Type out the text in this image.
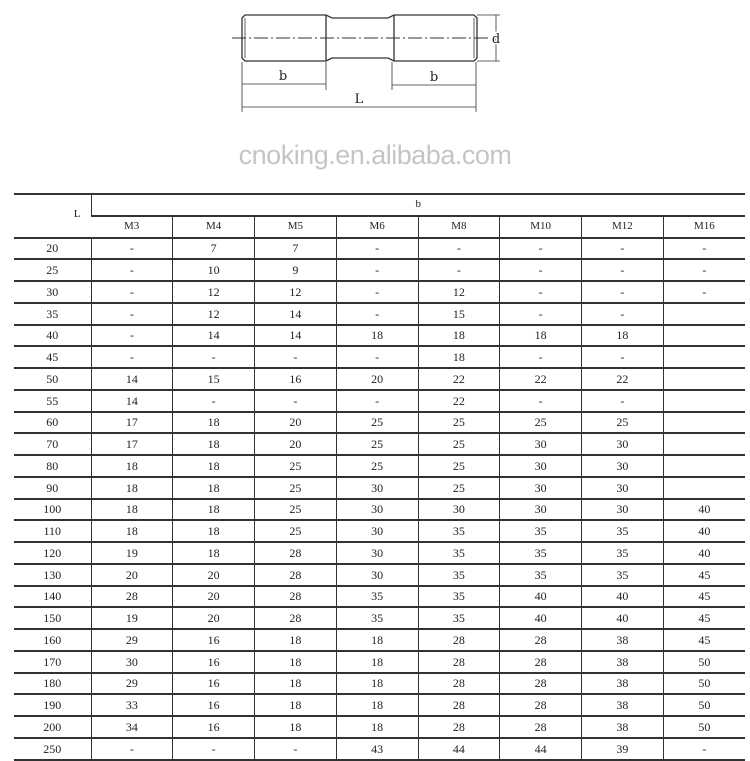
b	b
L
d
cnoking.en.alibaba.com
L	b							
	M3	M4	M5	M6	M8	M10	M12	M16
20	-	7	7	-	-	-	-	-
25	-	10	9	-	-	-	-	-
30	-	12	12	-	12	-	-	-
35	-	12	14	-	15	-	-	
40	-	14	14	18	18	18	18	
45	-	-	-	-	18	-	-	
50	14	15	16	20	22	22	22	
55	14	-	-	-	22	-	-	
60	17	18	20	25	25	25	25	
70	17	18	20	25	25	30	30	
80	18	18	25	25	25	30	30	
90	18	18	25	30	25	30	30	
100	18	18	25	30	30	30	30	40
110	18	18	25	30	35	35	35	40
120	19	18	28	30	35	35	35	40
130	20	20	28	30	35	35	35	45
140	28	20	28	35	35	40	40	45
150	19	20	28	35	35	40	40	45
160	29	16	18	18	28	28	38	45
170	30	16	18	18	28	28	38	50
180	29	16	18	18	28	28	38	50
190	33	16	18	18	28	28	38	50
200	34	16	18	18	28	28	38	50
250	-	-	-	43	44	44	39	-
